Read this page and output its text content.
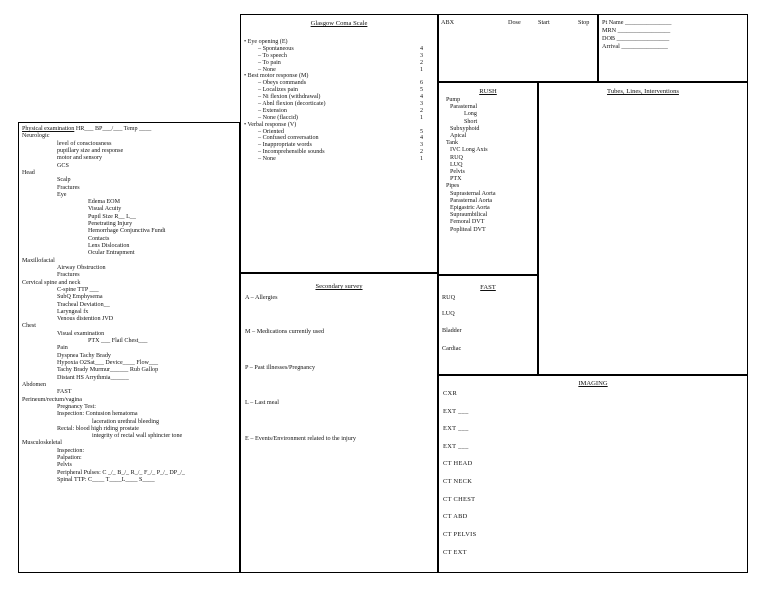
Physical examination HR___ BP___/___ Temp ____
Neurologic
level of consciousness
pupillary size and response
motor and sensory
GCS
Head
Scalp
Fractures
Eye
Edema EOM
Visual Acuity
Pupil Size R__ L__
Penetrating Injury
Hemorrhage Conjunctiva Fundi
Contacts
Lens Dislocation
Ocular Entrapment
Maxillofacial
Airway Obstruction
Fractures
Cervical spine and neck
C-spine TTP ___
SubQ Emphysema
Tracheal Deviation__
Laryngeal fx
Venous distention JVD
Chest
Visual examination
PTX ___ Flail Chest___
Pain
Dyspnea Tachy Brady
Hypoxia O2Sat___ Device____ Flow___
Tachy Brady Murmur______ Rub Gallop
Distant HS Arrythmia______
Abdomen
FAST
Perineum/rectum/vagina
Pregnancy Test:
Inspection: Contusion hematoma
laceration urethral bleeding
Rectal: blood high riding prostate
integrity of rectal wall sphincter tone
Musculoskeletal
Inspection:
Palpation:
Pelvis
Peripheral Pulses: C _/_ B_/_ R_/_ F_/_ P_/_ DP_/_
Spinal TTP: C____ T____L____ S____
Glasgow Coma Scale
• Eye opening (E)
– Spontaneous	4
– To speech	3
– To pain	2
– None	1
• Best motor response (M)
– Obeys commands	6
– Localizes pain	5
– Ni flexion (withdrawal)	4
– Abnl flexion (decorticate)	3
– Extension	2
– None (flaccid)	1
• Verbal response (V)
– Oriented	5
– Confused conversation	4
– Inappropriate words	3
– Incomprehensible sounds	2
– None	1
Secondary survey
A – Allergies
M – Medications currently used
P – Past illnesses/Pregnancy
L – Last meal
E – Events/Environment related to the injury
ABX	Dose	Start	Stop Pt Name _______________
MRN _________________
DOB _________________
Arrival _______________
RUSH
Pump
Parasternal
Long
Short
Subxyphoid
Apical
Tank
IVC Long Axis
RUQ
LUQ
Pelvis
PTX
Pipes
Suprasternal Aorta
Parasternal Aorta
Epigastric Aorta
Supraumbilical
Femoral DVT
Popliteal DVT
Tubes, Lines, Interventions
FAST
RUQ
LUQ
Bladder
Cardiac
IMAGING
CXR
EXT ___
EXT ___
EXT ___
CT HEAD
CT NECK
CT CHEST
CT ABD
CT PELVIS
CT EXT
